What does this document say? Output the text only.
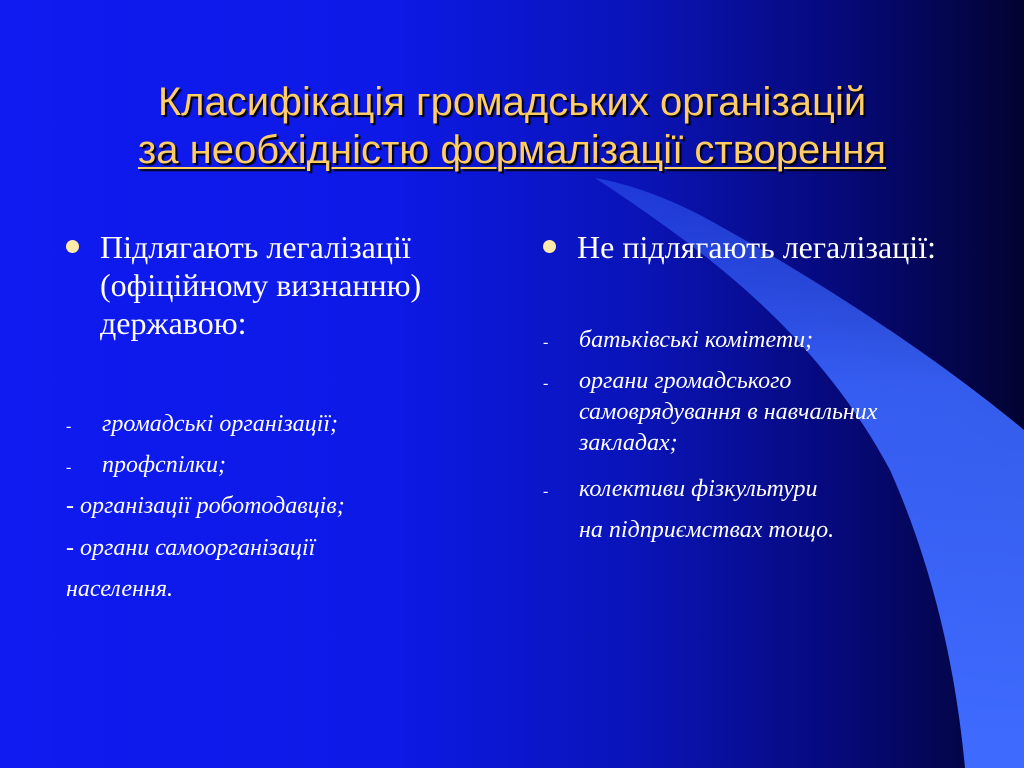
Класифікація громадських організацій
за необхідністю формалізації створення
Підлягають легалізації (офіційному визнанню) державою:
-	громадські організації;
-	профспілки;
- організації роботодавців;
- органи самоорганізації
населення.
Не підлягають легалізації:
-	батьківські комітети;
-	органи громадського самоврядування в навчальних закладах;
-	колективи фізкультури
на підприємствах тощо.
